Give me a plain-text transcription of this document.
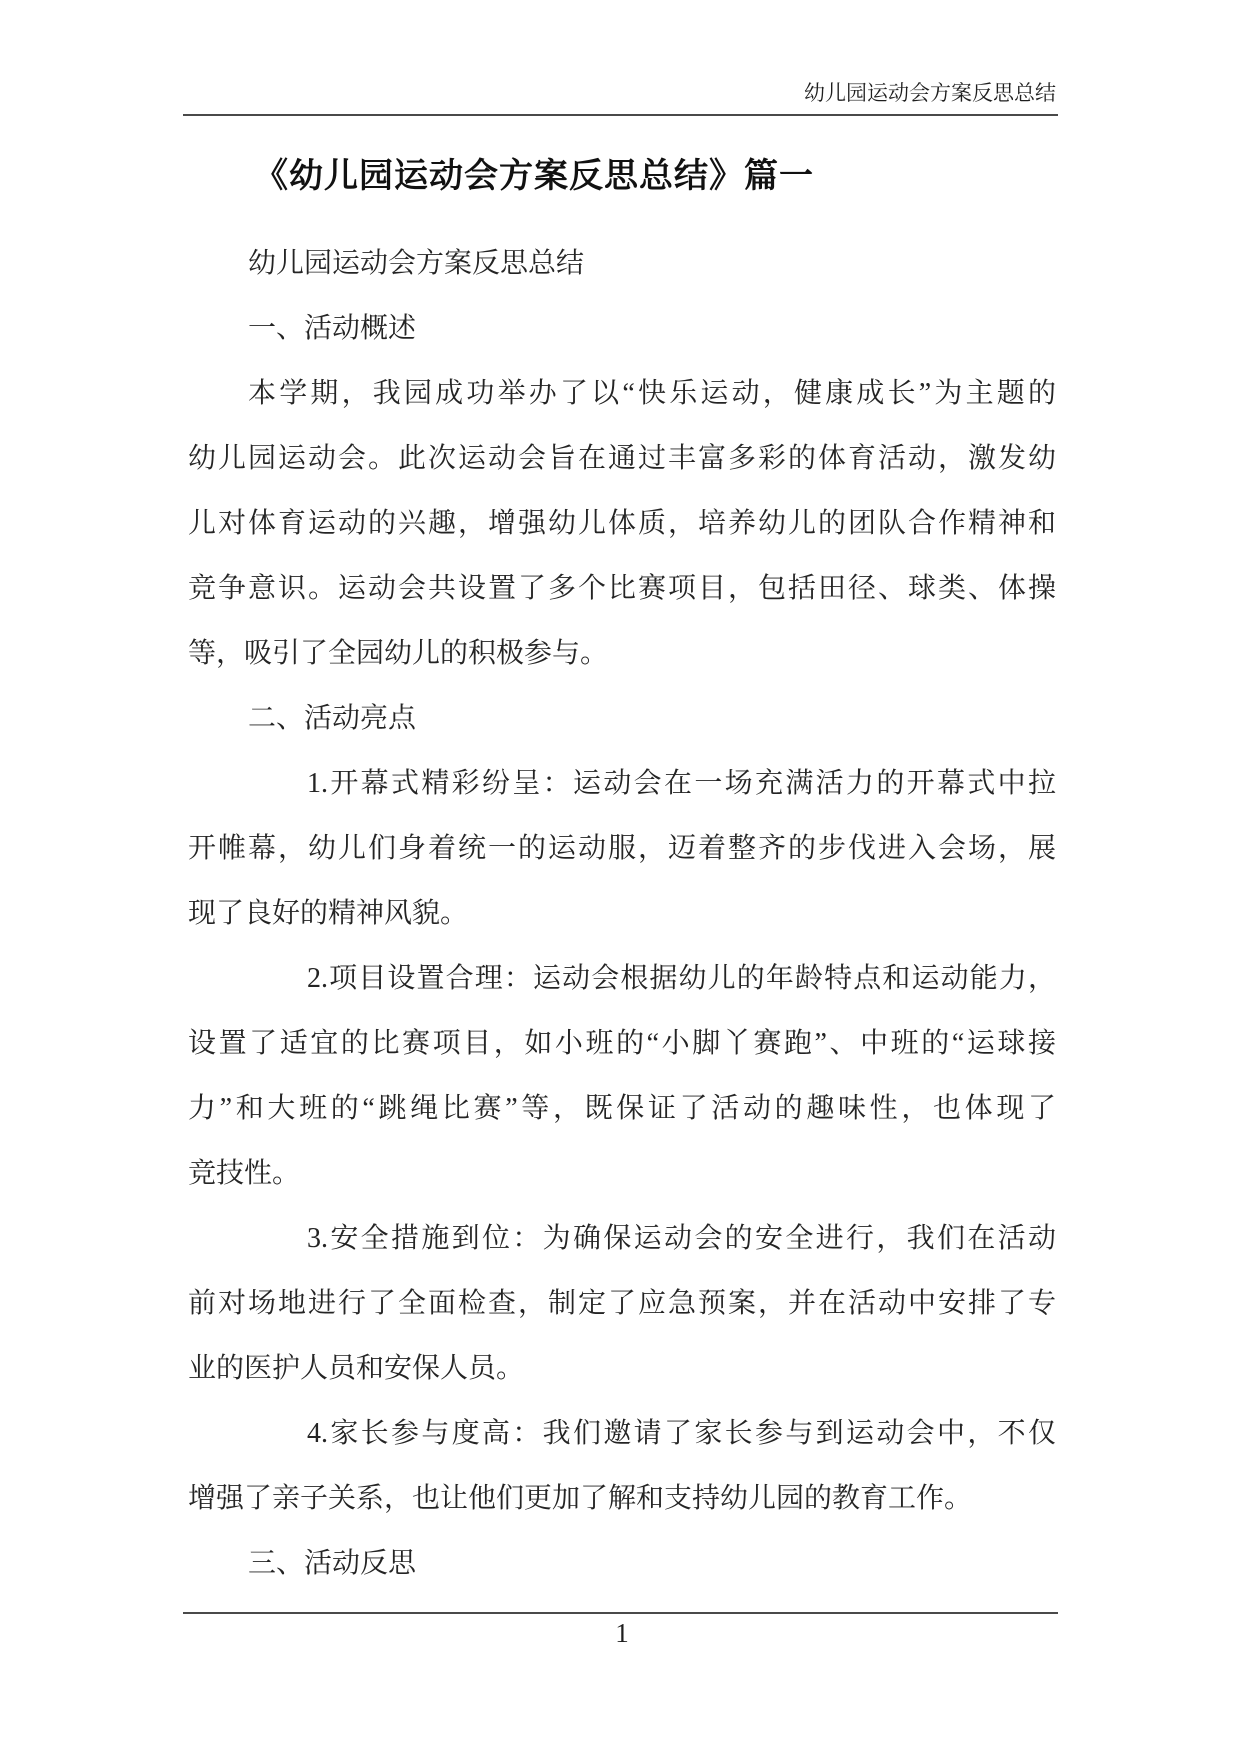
幼儿园运动会方案反思总结
《幼儿园运动会方案反思总结》篇一
幼儿园运动会方案反思总结
一、活动概述
本学期，我园成功举办了以“快乐运动，健康成长”为主题的
幼儿园运动会。此次运动会旨在通过丰富多彩的体育活动，激发幼
儿对体育运动的兴趣，增强幼儿体质，培养幼儿的团队合作精神和
竞争意识。运动会共设置了多个比赛项目，包括田径、球类、体操
等，吸引了全园幼儿的积极参与。
二、活动亮点
1.开幕式精彩纷呈：运动会在一场充满活力的开幕式中拉
开帷幕，幼儿们身着统一的运动服，迈着整齐的步伐进入会场，展
现了良好的精神风貌。
2.项目设置合理：运动会根据幼儿的年龄特点和运动能力，
设置了适宜的比赛项目，如小班的“小脚丫赛跑”、中班的“运球接
力”和大班的“跳绳比赛”等，既保证了活动的趣味性，也体现了
竞技性。
3.安全措施到位：为确保运动会的安全进行，我们在活动
前对场地进行了全面检查，制定了应急预案，并在活动中安排了专
业的医护人员和安保人员。
4.家长参与度高：我们邀请了家长参与到运动会中，不仅
增强了亲子关系，也让他们更加了解和支持幼儿园的教育工作。
三、活动反思
1
